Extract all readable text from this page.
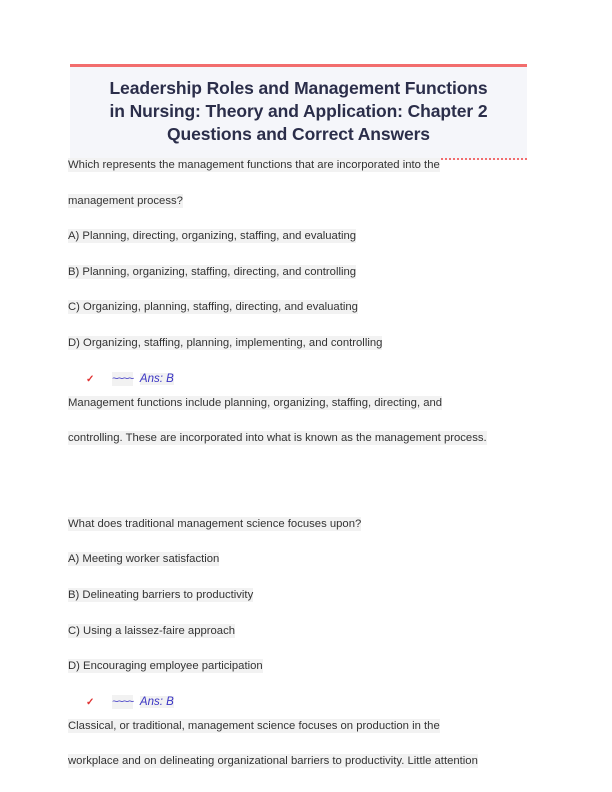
Leadership Roles and Management Functions
in Nursing: Theory and Application: Chapter 2
Questions and Correct Answers
Which represents the management functions that are incorporated into the
management process?
A) Planning, directing, organizing, staffing, and evaluating
B) Planning, organizing, staffing, directing, and controlling
C) Organizing, planning, staffing, directing, and evaluating
D) Organizing, staffing, planning, implementing, and controlling
✓ ~~~~ Ans: B
Management functions include planning, organizing, staffing, directing, and
controlling. These are incorporated into what is known as the management process.
What does traditional management science focuses upon?
A) Meeting worker satisfaction
B) Delineating barriers to productivity
C) Using a laissez-faire approach
D) Encouraging employee participation
✓ ~~~~ Ans: B
Classical, or traditional, management science focuses on production in the
workplace and on delineating organizational barriers to productivity. Little attention
